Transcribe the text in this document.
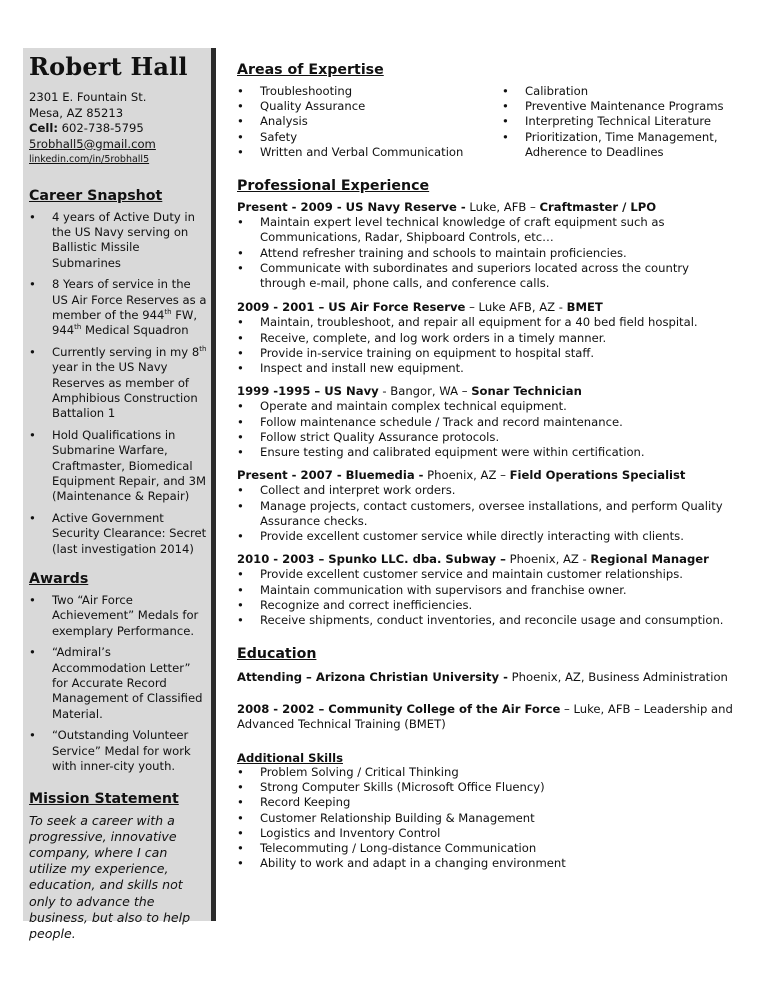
Robert Hall
2301 E. Fountain St.
Mesa, AZ 85213
Cell: 602-738-5795
5robhall5@gmail.com
linkedin.com/in/5robhall5
Career Snapshot
• 4 years of Active Duty in the US Navy serving on Ballistic Missile Submarines
• 8 Years of service in the US Air Force Reserves as a member of the 944th FW, 944th Medical Squadron
• Currently serving in my 8th year in the US Navy Reserves as member of Amphibious Construction Battalion 1
• Hold Qualifications in Submarine Warfare, Craftmaster, Biomedical Equipment Repair, and 3M (Maintenance & Repair)
• Active Government Security Clearance: Secret (last investigation 2014)
Awards
• Two “Air Force Achievement” Medals for exemplary Performance.
• “Admiral’s Accommodation Letter” for Accurate Record Management of Classified Material.
• “Outstanding Volunteer Service” Medal for work with inner-city youth.
Mission Statement
To seek a career with a progressive, innovative company, where I can utilize my experience, education, and skills not only to advance the business, but also to help people.
Areas of Expertise
• Troubleshooting
• Quality Assurance
• Analysis
• Safety
• Written and Verbal Communication
• Calibration
• Preventive Maintenance Programs
• Interpreting Technical Literature
• Prioritization, Time Management, Adherence to Deadlines
Professional Experience
Present - 2009 - US Navy Reserve - Luke, AFB – Craftmaster / LPO
• Maintain expert level technical knowledge of craft equipment such as Communications, Radar, Shipboard Controls, etc…
• Attend refresher training and schools to maintain proficiencies.
• Communicate with subordinates and superiors located across the country through e-mail, phone calls, and conference calls.
2009 - 2001 – US Air Force Reserve – Luke AFB, AZ - BMET
• Maintain, troubleshoot, and repair all equipment for a 40 bed field hospital.
• Receive, complete, and log work orders in a timely manner.
• Provide in-service training on equipment to hospital staff.
• Inspect and install new equipment.
1999 -1995 – US Navy - Bangor, WA – Sonar Technician
• Operate and maintain complex technical equipment.
• Follow maintenance schedule / Track and record maintenance.
• Follow strict Quality Assurance protocols.
• Ensure testing and calibrated equipment were within certification.
Present - 2007 - Bluemedia - Phoenix, AZ – Field Operations Specialist
• Collect and interpret work orders.
• Manage projects, contact customers, oversee installations, and perform Quality Assurance checks.
• Provide excellent customer service while directly interacting with clients.
2010 - 2003 – Spunko LLC. dba. Subway – Phoenix, AZ - Regional Manager
• Provide excellent customer service and maintain customer relationships.
• Maintain communication with supervisors and franchise owner.
• Recognize and correct inefficiencies.
• Receive shipments, conduct inventories, and reconcile usage and consumption.
Education
Attending – Arizona Christian University - Phoenix, AZ, Business Administration
2008 - 2002 – Community College of the Air Force – Luke, AFB – Leadership and Advanced Technical Training (BMET)
Additional Skills
• Problem Solving / Critical Thinking
• Strong Computer Skills (Microsoft Office Fluency)
• Record Keeping
• Customer Relationship Building & Management
• Logistics and Inventory Control
• Telecommuting / Long-distance Communication
• Ability to work and adapt in a changing environment
